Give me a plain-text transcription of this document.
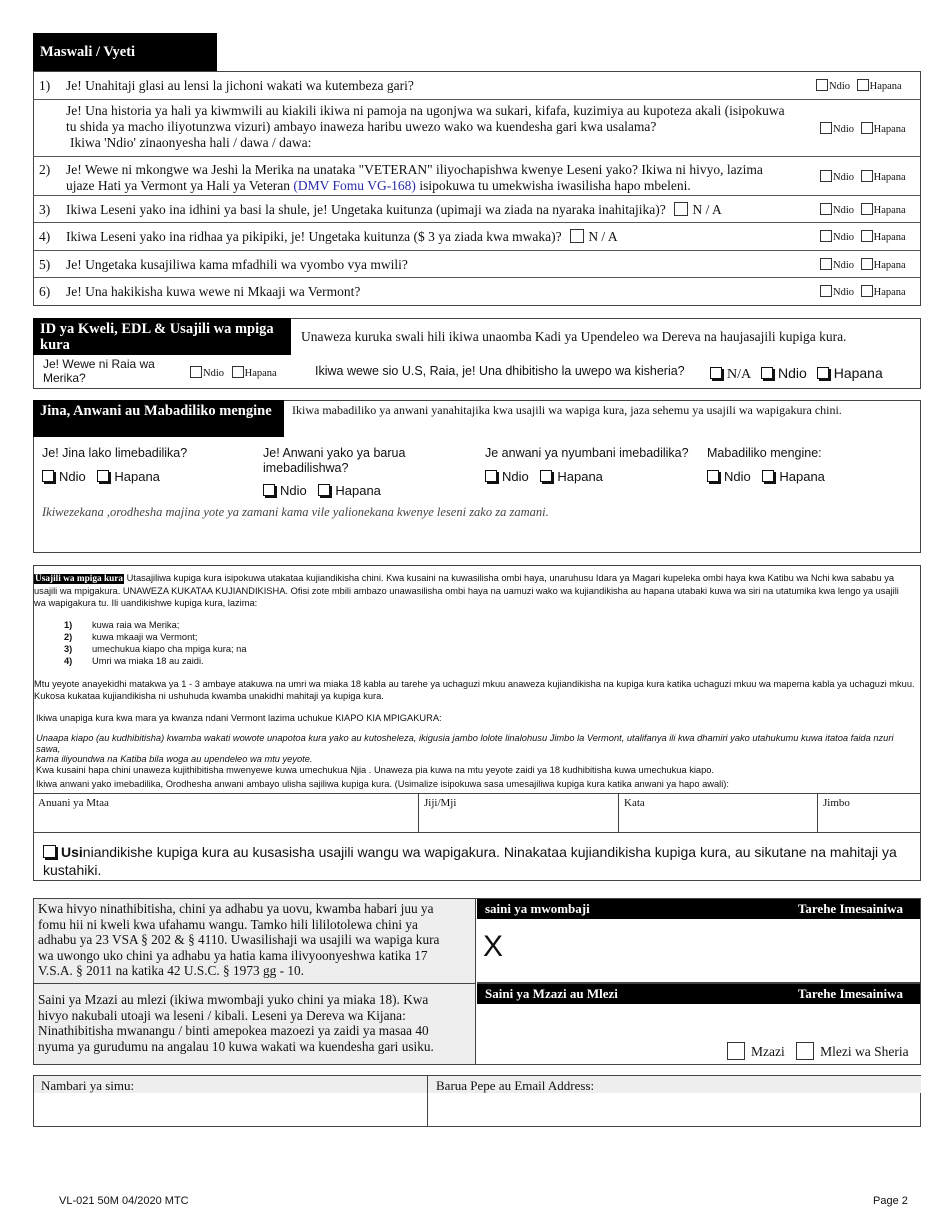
Maswali / Vyeti
1) Je! Unahitaji glasi au lensi la jichoni wakati wa kutembeza gari?	Ndio Hapana
Je! Una historia ya hali ya kiwmwili au kiakili ikiwa ni pamoja na ugonjwa wa sukari, kifafa, kuzimiya au kupoteza akali (isipokuwa
tu shida ya macho iliyotunzwa vizuri) ambayo inaweza haribu uwezo wako wa kuendesha gari kwa usalama?
Ikiwa 'Ndio' zinaonyesha hali / dawa / dawa:
Ndio Hapana
2) Je! Wewe ni mkongwe wa Jeshi la Merika na unataka "VETERAN" iliyochapishwa kwenye Leseni yako? Ikiwa ni hivyo, lazima
ujaze Hati ya Vermont ya Hali ya Veteran (DMV Fomu VG-168) isipokuwa tu umekwisha iwasilisha hapo mbeleni.
Ndio Hapana
3) Ikiwa Leseni yako ina idhini ya basi la shule, je! Ungetaka kuitunza (upimaji wa ziada na nyaraka inahitajika)? N / A	Ndio Hapana
4) Ikiwa Leseni yako ina ridhaa ya pikipiki, je! Ungetaka kuitunza ($ 3 ya ziada kwa mwaka)? N / A	Ndio Hapana
5) Je! Ungetaka kusajiliwa kama mfadhili wa vyombo vya mwili?	Ndio Hapana
6) Je! Una hakikisha kuwa wewe ni Mkaaji wa Vermont?	Ndio Hapana
ID ya Kweli, EDL & Usajili wa mpiga kura
Unaweza kuruka swali hili ikiwa unaomba Kadi ya Upendeleo wa Dereva na haujasajili kupiga kura.
Je! Wewe ni Raia wa Merika?	Ndio Hapana	Ikiwa wewe sio U.S, Raia, je! Una dhibitisho la uwepo wa kisheria?	N/A Ndio Hapana
Jina, Anwani au Mabadiliko mengine	Ikiwa mabadiliko ya anwani yanahitajika kwa usajili wa wapiga kura, jaza sehemu ya usajili wa wapigakura chini.
Je! Jina lako limebadilika?
Ndio Hapana
Je! Anwani yako ya barua imebadilishwa?
Ndio Hapana
Je anwani ya nyumbani imebadilika?
Ndio Hapana
Mabadiliko mengine:
Ndio Hapana
Ikiwezekana ,orodhesha majina yote ya zamani kama vile yalionekana kwenye leseni zako za zamani.
Usajili wa mpiga kura Utasajiliwa kupiga kura isipokuwa utakataa kujiandikisha chini. Kwa kusaini na kuwasilisha ombi haya, unaruhusu Idara ya Magari kupeleka ombi haya kwa Katibu wa Nchi kwa sababu ya
usajili wa mpigakura. UNAWEZA KUKATAA KUJIANDIKISHA. Ofisi zote mbili ambazo unawasilisha ombi haya na uamuzi wako wa kujiandikisha au hapana utabaki kuwa wa siri na utatumika kwa lengo ya usajili
wa wapigakura tu. Ili uandikishwe kupiga kura, lazima:
1) kuwa raia wa Merika;
2) kuwa mkaaji wa Vermont;
3) umechukua kiapo cha mpiga kura; na
4) Umri wa miaka 18 au zaidi.
Mtu yeyote anayekidhi matakwa ya 1 - 3 ambaye atakuwa na umri wa miaka 18 kabla au tarehe ya uchaguzi mkuu anaweza kujiandikisha na kupiga kura katika uchaguzi mkuu wa mapema kabla ya uchaguzi mkuu.
Kukosa kukataa kujiandikisha ni ushuhuda kwamba unakidhi mahitaji ya kupiga kura.
Ikiwa unapiga kura kwa mara ya kwanza ndani Vermont lazima uchukue KIAPO KIA MPIGAKURA:
Unaapa kiapo (au kudhibitisha) kwamba wakati wowote unapotoa kura yako au kutosheleza, ikigusia jambo lolote linalohusu Jimbo la Vermont, utalifanya ili kwa dhamiri yako utahukumu kuwa itatoa faida nzuri sawa,
kama iliyoundwa na Katiba bila woga au upendeleo wa mtu yeyote.
Kwa kusaini hapa chini unaweza kujithibitisha mwenyewe kuwa umechukua Njia . Unaweza pia kuwa na mtu yeyote zaidi ya 18 kudhibitisha kuwa umechukua kiapo.
Ikiwa anwani yako imebadilika, Orodhesha anwani ambayo ulisha sajiliwa kupiga kura. (Usimalize isipokuwa sasa umesajiliwa kupiga kura katika anwani ya hapo awali):
Anuani ya Mtaa	Jiji/Mji	Kata	Jimbo
Usiniandikishe kupiga kura au kusasisha usajili wangu wa wapigakura. Ninakataa kujiandikisha kupiga kura, au sikutane na mahitaji ya kustahiki.
Kwa hivyo ninathibitisha, chini ya adhabu ya uovu, kwamba habari juu ya
fomu hii ni kweli kwa ufahamu wangu. Tamko hili lililotolewa chini ya
adhabu ya 23 VSA § 202 & § 4110. Uwasilishaji wa usajili wa wapiga kura
wa uwongo uko chini ya adhabu ya hatia kama ilivyoonyeshwa katika 17
V.S.A. § 2011 na katika 42 U.S.C. § 1973 gg - 10.
Saini ya Mzazi au mlezi (ikiwa mwombaji yuko chini ya miaka 18). Kwa
hivyo nakubali utoaji wa leseni / kibali. Leseni ya Dereva wa Kijana:
Ninathibitisha mwanangu / binti amepokea mazoezi ya zaidi ya masaa 40
nyuma ya gurudumu na angalau 10 kuwa wakati wa kuendesha gari usiku.
saini ya mwombaji	Tarehe Imesainiwa
X
Saini ya Mzazi au Mlezi	Tarehe Imesainiwa
Mzazi	Mlezi wa Sheria
Nambari ya simu:	Barua Pepe au Email Address:
VL-021 50M 04/2020 MTC	Page 2
